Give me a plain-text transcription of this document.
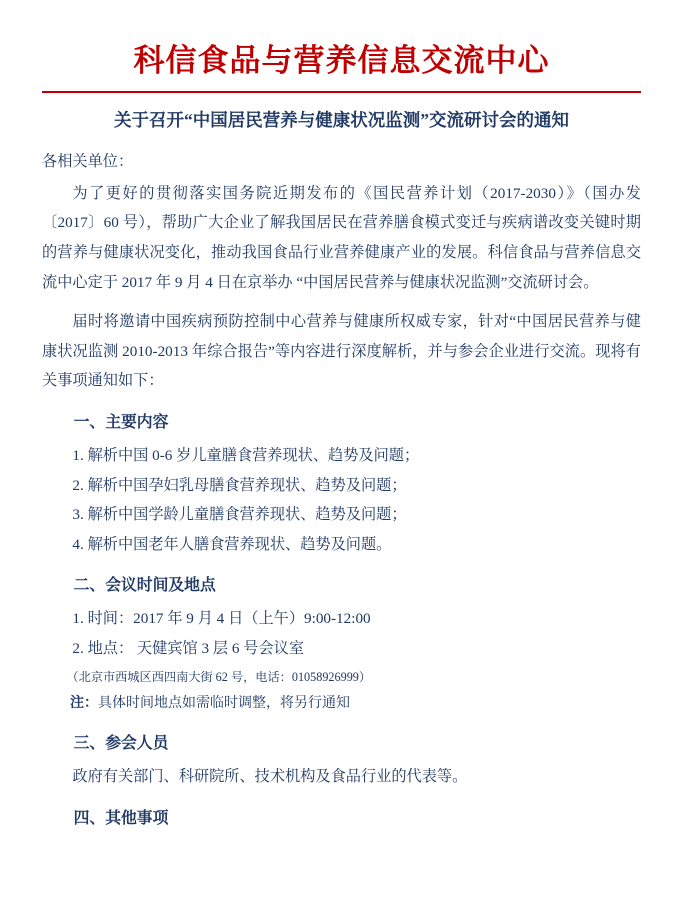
科信食品与营养信息交流中心
关于召开“中国居民营养与健康状况监测”交流研讨会的通知

各相关单位：

为了更好的贯彻落实国务院近期发布的《国民营养计划（2017-2030）》（国办发〔2017〕60 号），帮助广大企业了解我国居民在营养膳食模式变迁与疾病谱改变关键时期的营养与健康状况变化，推动我国食品行业营养健康产业的发展。科信食品与营养信息交流中心定于 2017 年 9 月 4 日在京举办 “中国居民营养与健康状况监测”交流研讨会。

届时将邀请中国疾病预防控制中心营养与健康所权威专家，针对“中国居民营养与健康状况监测 2010-2013 年综合报告”等内容进行深度解析，并与参会企业进行交流。现将有关事项通知如下：

一、主要内容

1. 解析中国 0-6 岁儿童膳食营养现状、趋势及问题；

2. 解析中国孕妇乳母膳食营养现状、趋势及问题；

3. 解析中国学龄儿童膳食营养现状、趋势及问题；

4. 解析中国老年人膳食营养现状、趋势及问题。

二、会议时间及地点

1. 时间：2017 年 9 月 4 日（上午）9:00-12:00

2. 地点： 天健宾馆 3 层 6 号会议室

（北京市西城区西四南大街 62 号，电话：01058926999）

注：具体时间地点如需临时调整，将另行通知

三、参会人员

政府有关部门、科研院所、技术机构及食品行业的代表等。

四、其他事项
